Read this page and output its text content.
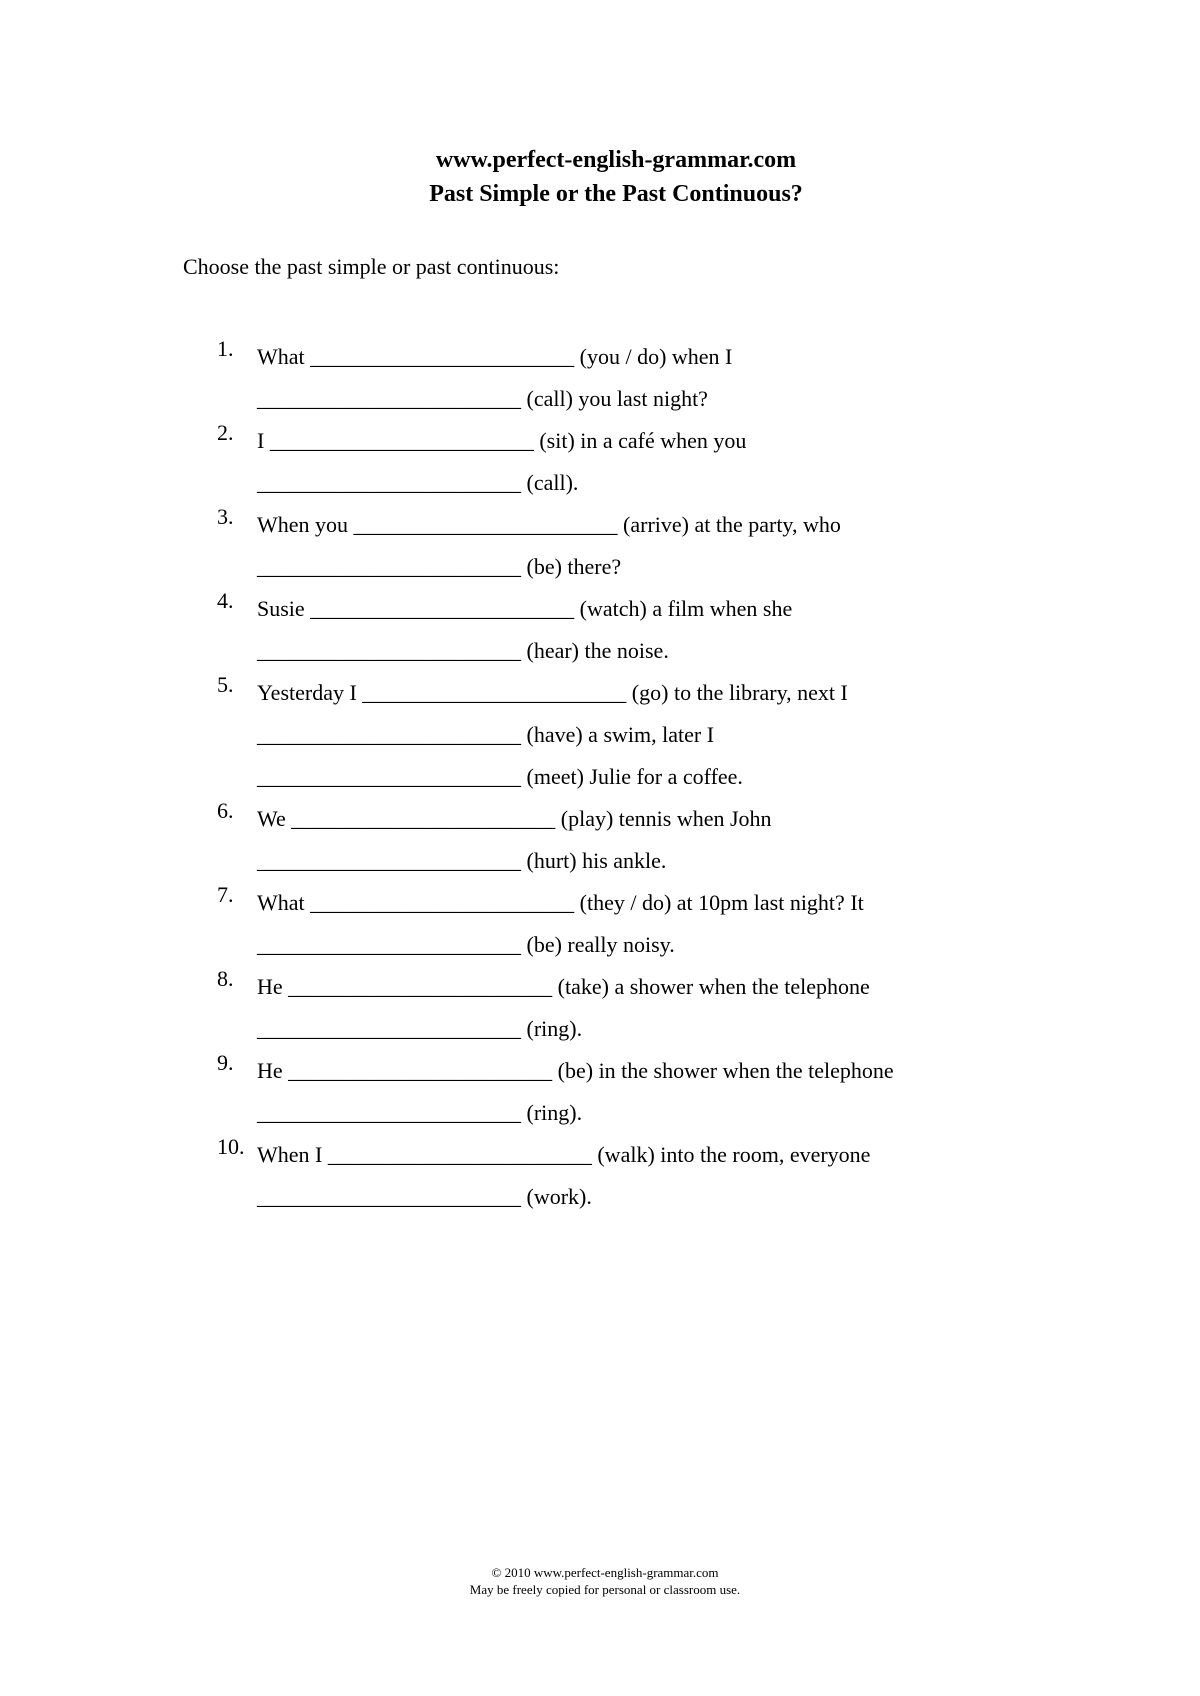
www.perfect-english-grammar.com
Past Simple or the Past Continuous?
Choose the past simple or past continuous:
1.	What ________________________ (you / do) when I
________________________ (call) you last night?
2.	I ________________________ (sit) in a café when you
________________________ (call).
3.	When you ________________________ (arrive) at the party, who
________________________ (be) there?
4.	Susie ________________________ (watch) a film when she
________________________ (hear) the noise.
5.	Yesterday I ________________________ (go) to the library, next I
________________________ (have) a swim, later I
________________________ (meet) Julie for a coffee.
6.	We ________________________ (play) tennis when John
________________________ (hurt) his ankle.
7.	What ________________________ (they / do) at 10pm last night? It
________________________ (be) really noisy.
8.	He ________________________ (take) a shower when the telephone
________________________ (ring).
9.	He ________________________ (be) in the shower when the telephone
________________________ (ring).
10. When I ________________________ (walk) into the room, everyone
________________________ (work).
© 2010 www.perfect-english-grammar.com
May be freely copied for personal or classroom use.
